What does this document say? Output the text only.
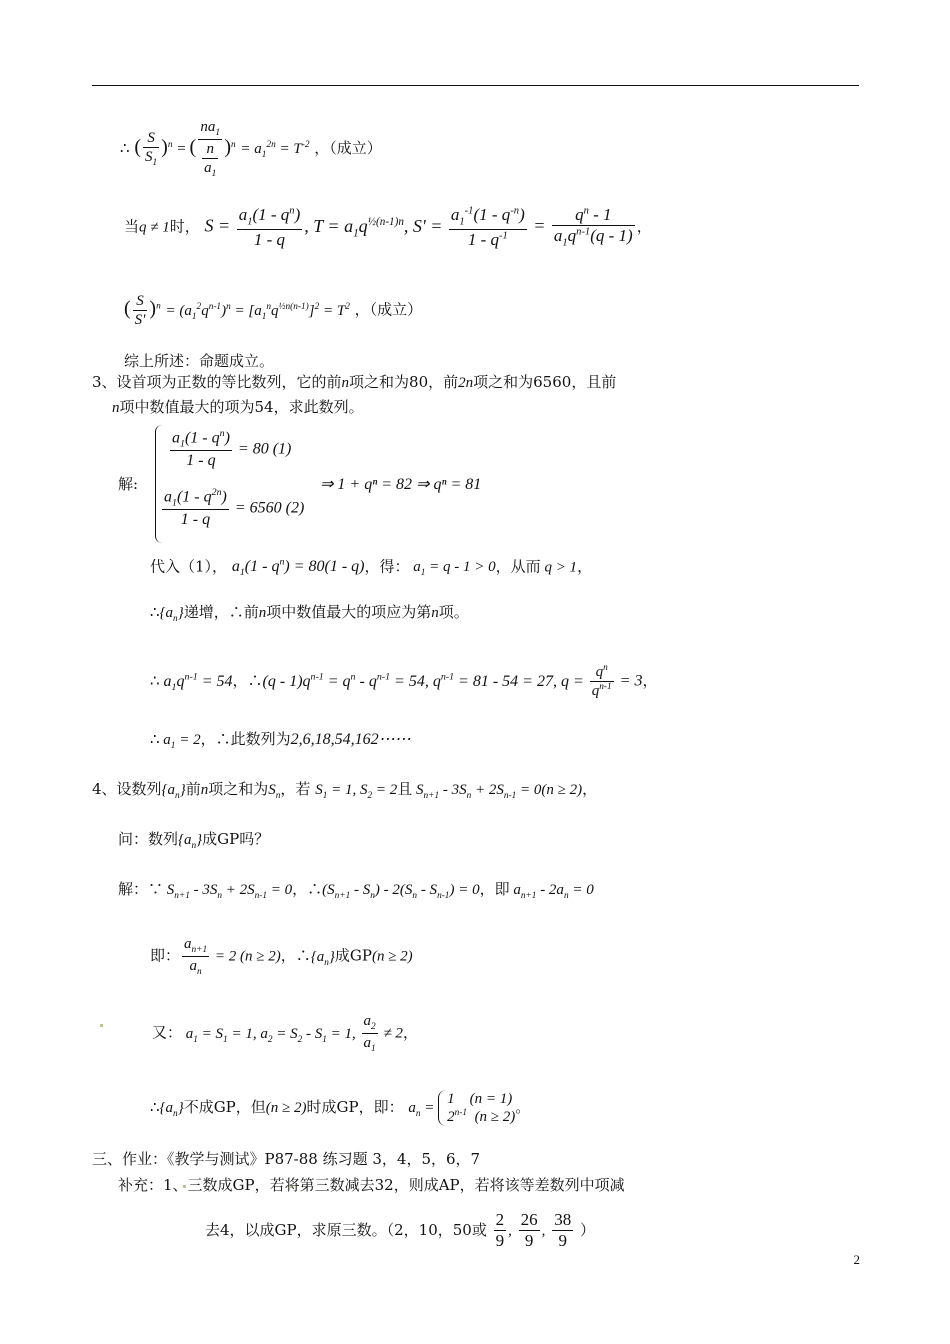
∴ ( $\frac{S}{S_1} )^n$ = ( $\frac{na_1}{\frac{n}{a_1}} )^n = a_1^{2n} = T^{-2}$ ，（成立）
当q ≠ 1时， $S = \frac{a_1(1 - q^n)}{1 - q}$ , $T = a_1q^{\frac{1}{2}(n-1)n}$, $S' = \frac{a_1^{-1}(1 - q^{-n})}{1 - q^{-1}} = \frac{q^n - 1}{a_1q^{n-1}(q - 1)}$ ，
( $\frac{S}{S'} )^n = (a_1^2q^{n-1})^n = [a_1^nq^{\frac{1}{2}n(n-1)}]^2 = T^2$ ，（成立）
综上所述：命题成立。
3、设首项为正数的等比数列，它的前n项之和为80，前2n项之和为6560，且前
n项中数值最大的项为54，求此数列。
解:
$\frac{a_1(1 - q^n)}{1 - q} = 80$ (1)
$\frac{a_1(1 - q^{2n})}{1 - q} = 6560$ (2)
⇒ 1 + qⁿ = 82 ⇒ qⁿ = 81
代入（1）， $a_1(1 - q^n) = 80(1 - q)$，得： $a_1 = q - 1 > 0$，从而 q > 1，
$\therefore\{a_n\}$递增，∴前n项中数值最大的项应为第n项。
∴ $a_1q^{n-1} = 54$，∴(q - $1)q^{n-1} = q^n - q^{n-1} = 54$, $q^{n-1} = 81 - 54 = 27$, $q = \frac{q^n}{q^{n-1}} = 3$，
∴ $a_1 = 2$，∴此数列为2,6,18,54,162⋯⋯
4、设数列$\{a_n\}$前n项之和为$S_n$，若 $S_1 = 1$, $S_2 = 2$且 $S_{n+1} - 3S_n + 2S_{n-1} = 0(n \ge 2)$，
问：数列$\{a_n\}$成GP吗？
解：∵ $S_{n+1} - 3S_n + 2S_{n-1} = 0$，$\therefore(S_{n+1} - S_n) - 2(S_n - S_{n-1}) = 0$，即 $a_{n+1} - 2a_n = 0$
即： $\frac{a_{n+1}}{a_n} = 2$ (n ≥ 2)，$\therefore\{a_n\}$成GP(n ≥ 2)
又： $a_1 = S_1 = 1$, $a_2 = S_2 - S_1 = 1$, $\frac{a_2}{a_1} \ne 2$，
$\therefore\{a_n\}$不成GP，但(n ≥ 2)时成GP，即： $a_n$ =
1    (n = 1)
2$^{n-1}$  (n ≥ 2)
。
三、作业：《教学与测试》P87-88 练习题 3，4，5，6，7
补充：1、三数成GP，若将第三数减去32，则成AP，若将该等差数列中项减
去4，以成GP，求原三数。（2，10，50或 $\frac{2}{9}$ , $\frac{26}{9}$ , $\frac{38}{9}$ ）
2
